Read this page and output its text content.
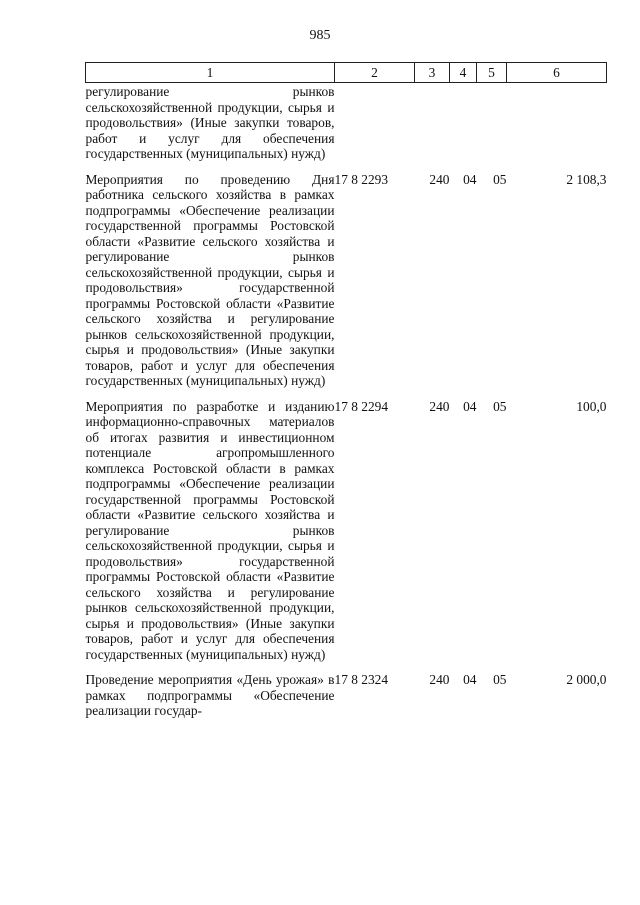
985
1	2	3	4	5	6
регулирование рынков сельскохозяйственной продукции, сырья и продовольствия» (Иные закупки товаров, работ и услуг для обеспечения государственных (муниципальных) нужд)					
Мероприятия по проведению Дня работника сельского хозяйства в рамках подпрограммы «Обеспечение реализации государственной программы Ростовской области «Развитие сельского хозяйства и регулирование рынков сельскохозяйственной продукции, сырья и продовольствия» государственной программы Ростовской области «Развитие сельского хозяйства и регулирование рынков сельскохозяйственной продукции, сырья и продовольствия» (Иные закупки товаров, работ и услуг для обеспечения государственных (муниципальных) нужд)	17 8 2293	240	04	05	2 108,3
Мероприятия по разработке и изданию информационно-справочных материалов об итогах развития и инвестиционном потенциале агропромышленного комплекса Ростовской области в рамках подпрограммы «Обеспечение реализации государственной программы Ростовской области «Развитие сельского хозяйства и регулирование рынков сельскохозяйственной продукции, сырья и продовольствия» государственной программы Ростовской области «Развитие сельского хозяйства и регулирование рынков сельскохозяйственной продукции, сырья и продовольствия» (Иные закупки товаров, работ и услуг для обеспечения государственных (муниципальных) нужд)	17 8 2294	240	04	05	100,0
Проведение мероприятия «День урожая» в рамках подпрограммы «Обеспечение реализации государ-	17 8 2324	240	04	05	2 000,0
